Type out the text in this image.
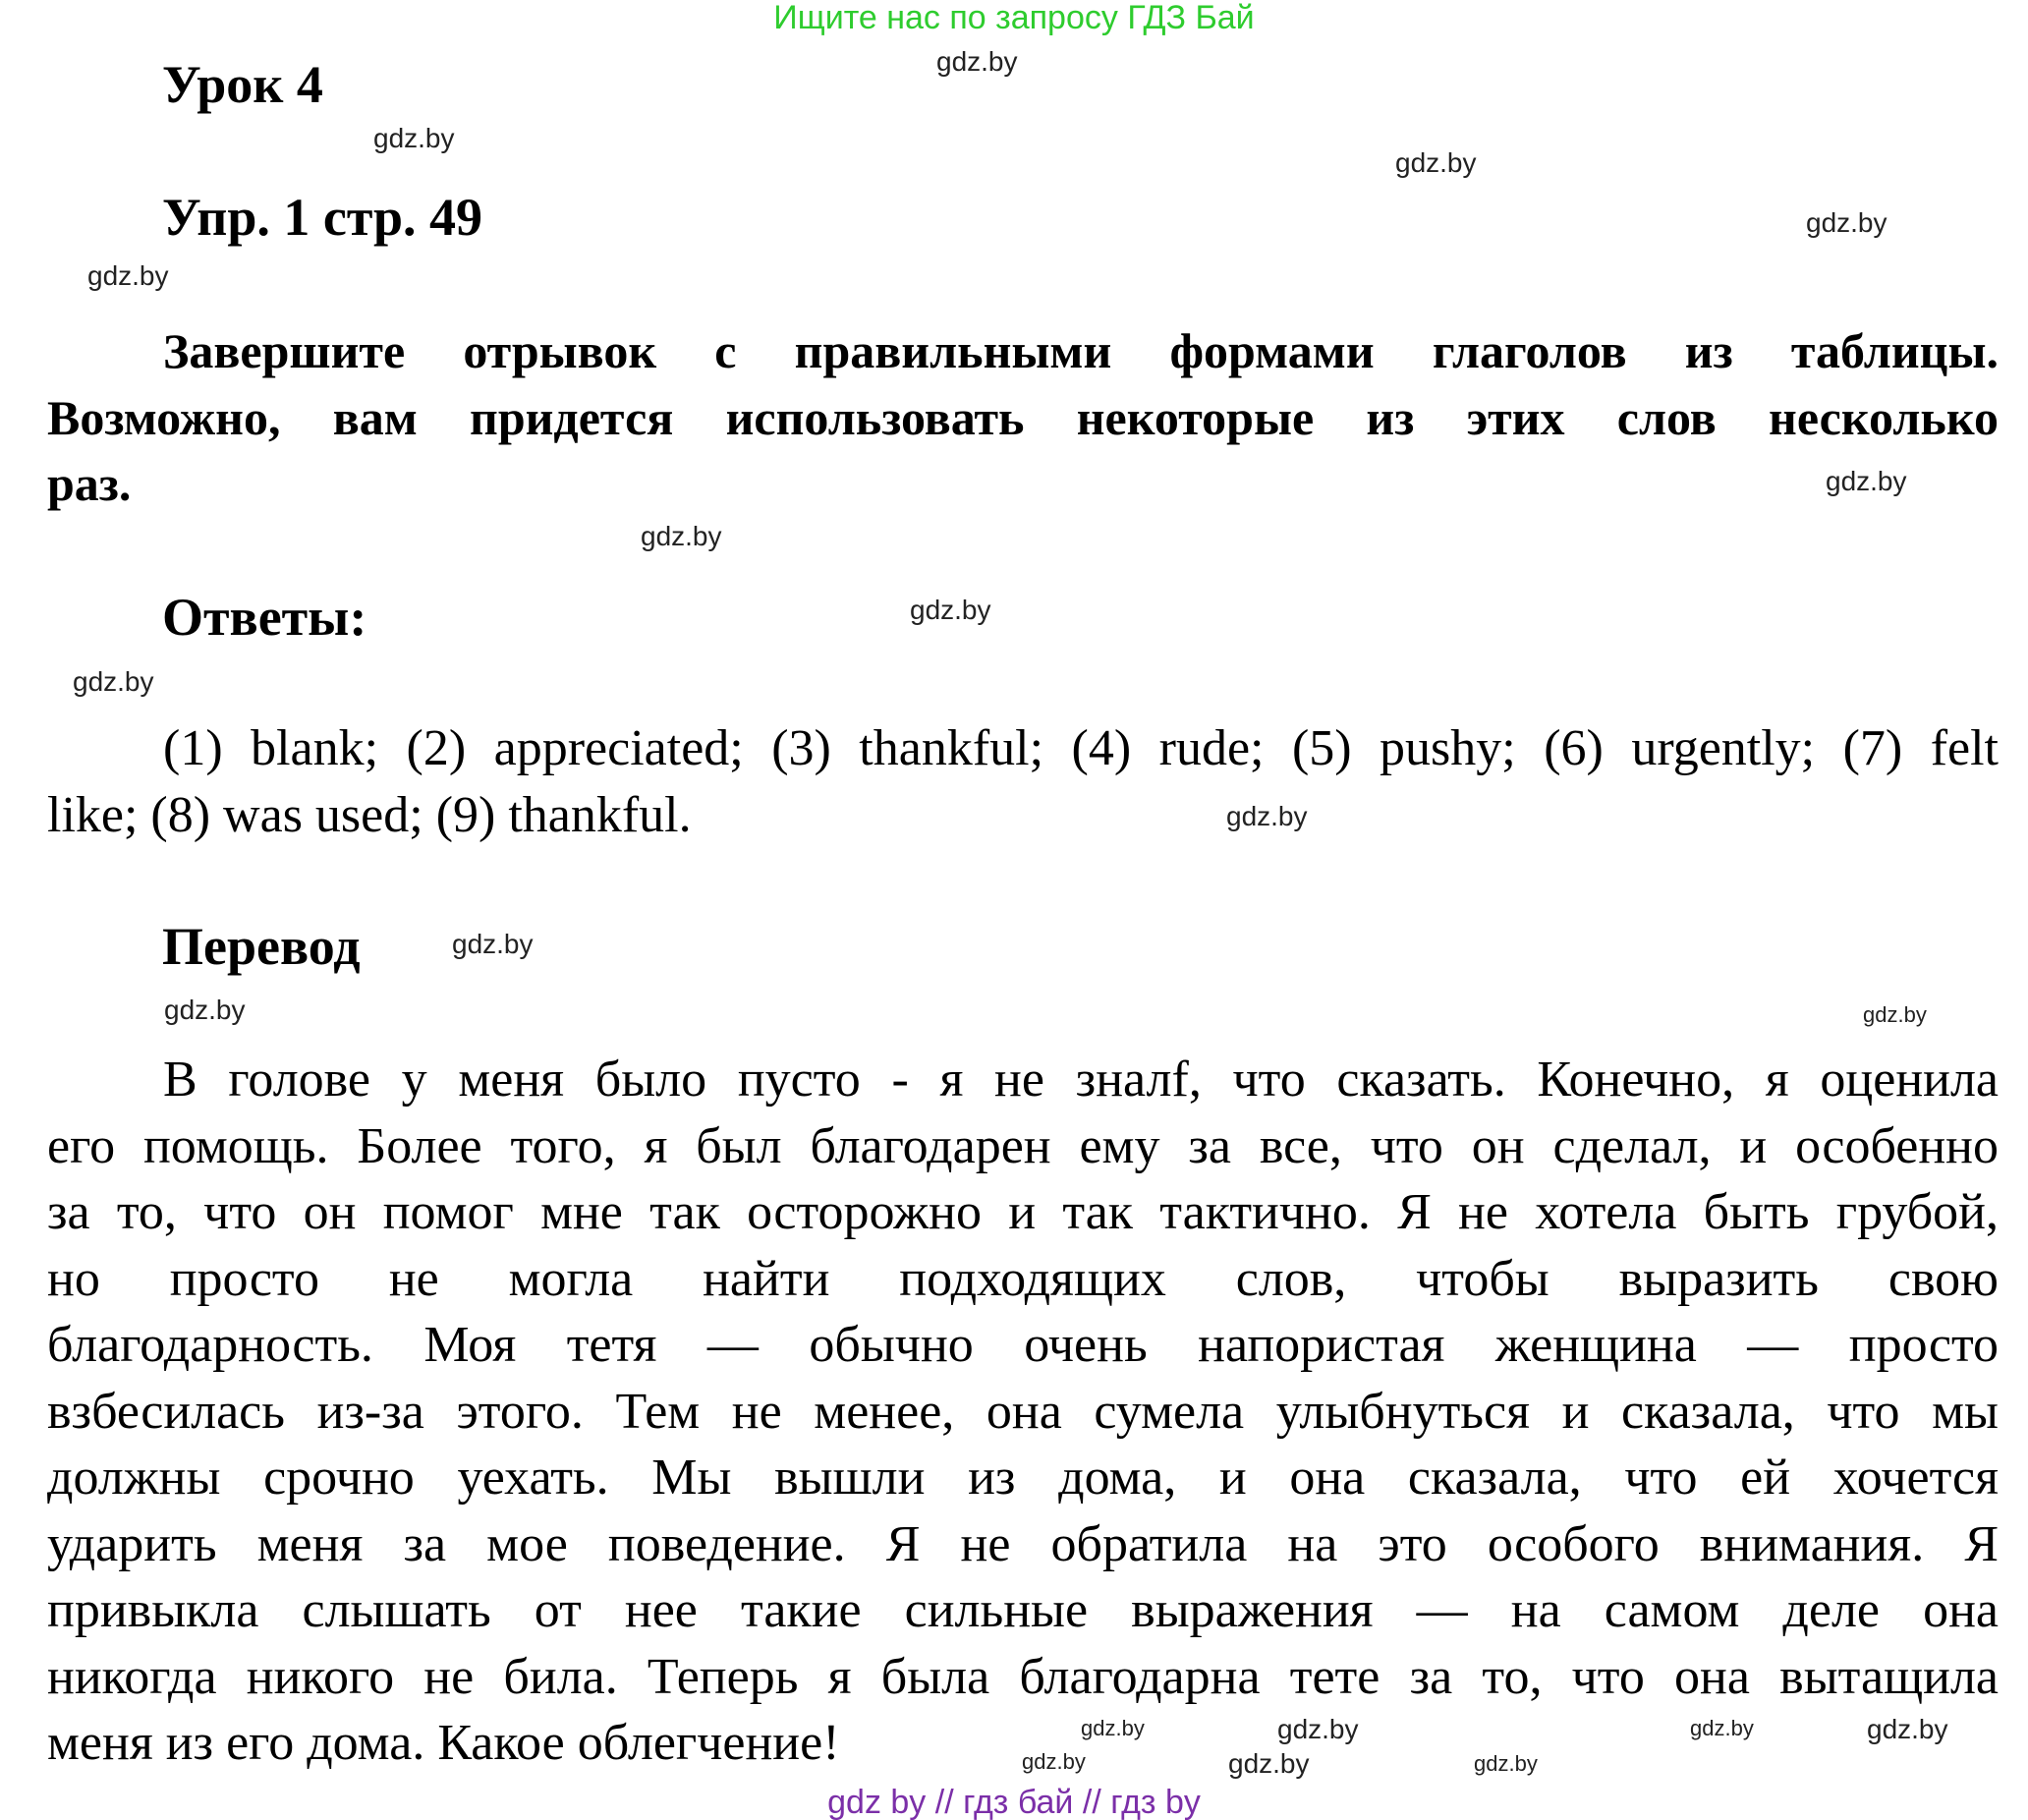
Ищите нас по запросу ГДЗ Бай
Урок 4
Упр. 1 стр. 49
Завершите отрывок с правильными формами глаголов из таблицы.
Возможно, вам придется использовать некоторые из этих слов несколько
раз.
Ответы:
(1) blank; (2) appreciated; (3) thankful; (4) rude; (5) pushy; (6) urgently; (7) felt
like; (8) was used; (9) thankful.
Перевод
В голове у меня было пусто - я не зналf, что сказать. Конечно, я оценила
его помощь. Более того, я был благодарен ему за все, что он сделал, и особенно
за то, что он помог мне так осторожно и так тактично. Я не хотела быть грубой,
но просто не могла найти подходящих слов, чтобы выразить свою
благодарность. Моя тетя — обычно очень напористая женщина — просто
взбесилась из-за этого. Тем не менее, она сумела улыбнуться и сказала, что мы
должны срочно уехать. Мы вышли из дома, и она сказала, что ей хочется
ударить меня за мое поведение. Я не обратила на это особого внимания. Я
привыкла слышать от нее такие сильные выражения — на самом деле она
никогда никого не била. Теперь я была благодарна тете за то, что она вытащила
меня из его дома. Какое облегчение!
gdz.by
gdz.by
gdz.by
gdz.by
gdz.by
gdz.by
gdz.by
gdz.by
gdz.by
gdz.by
gdz.by
gdz.by	gdz.by
gdz.by	gdz.by
gdz.by
gdz.by
gdz.by
gdz.by
gdz.by
gdz by // гдз бай // гдз by
